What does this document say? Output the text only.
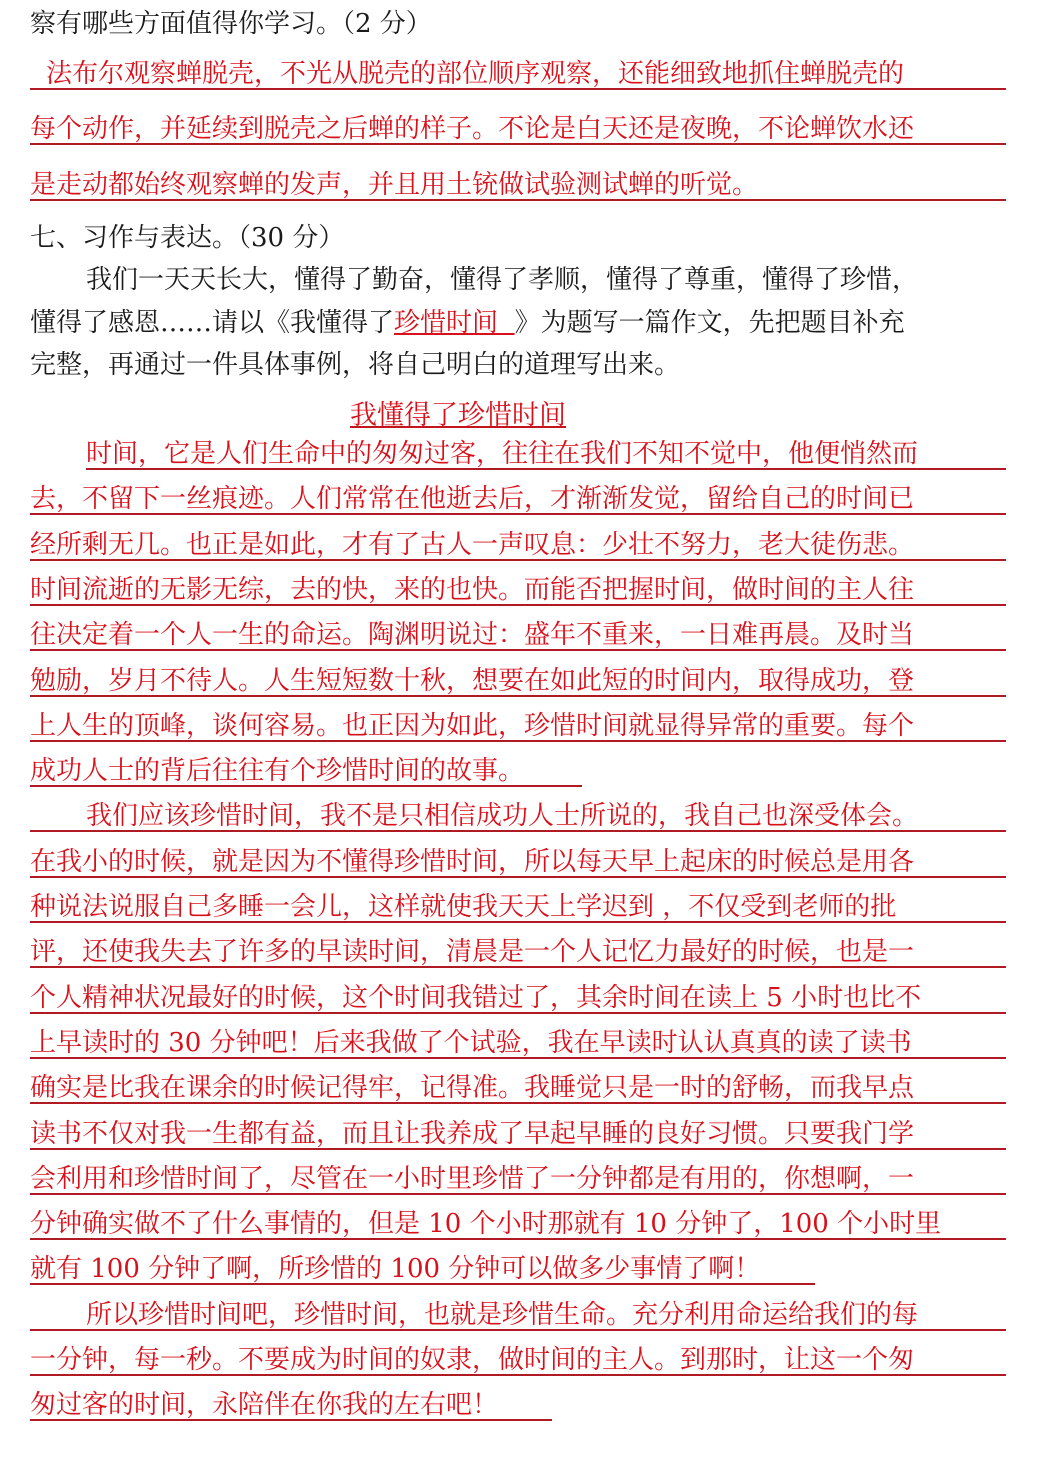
察有哪些方面值得你学习。（2 分）
法布尔观察蝉脱壳，不光从脱壳的部位顺序观察，还能细致地抓住蝉脱壳的
每个动作，并延续到脱壳之后蝉的样子。不论是白天还是夜晚，不论蝉饮水还
是走动都始终观察蝉的发声，并且用土铳做试验测试蝉的听觉。
七、习作与表达。（30 分）
我们一天天长大，懂得了勤奋，懂得了孝顺，懂得了尊重，懂得了珍惜，
懂得了感恩……请以《我懂得了珍惜时间 》为题写一篇作文，先把题目补充
完整，再通过一件具体事例，将自己明白的道理写出来。
我懂得了珍惜时间
时间，它是人们生命中的匆匆过客，往往在我们不知不觉中，他便悄然而
去，不留下一丝痕迹。人们常常在他逝去后，才渐渐发觉，留给自己的时间已
经所剩无几。也正是如此，才有了古人一声叹息：少壮不努力，老大徒伤悲。
时间流逝的无影无综，去的快，来的也快。而能否把握时间，做时间的主人往
往决定着一个人一生的命运。陶渊明说过：盛年不重来，一日难再晨。及时当
勉励，岁月不待人。人生短短数十秋，想要在如此短的时间内，取得成功，登
上人生的顶峰，谈何容易。也正因为如此，珍惜时间就显得异常的重要。每个
成功人士的背后往往有个珍惜时间的故事。
我们应该珍惜时间，我不是只相信成功人士所说的，我自己也深受体会。
在我小的时候，就是因为不懂得珍惜时间，所以每天早上起床的时候总是用各
种说法说服自己多睡一会儿，这样就使我天天上学迟到 ，不仅受到老师的批
评，还使我失去了许多的早读时间，清晨是一个人记忆力最好的时候，也是一
个人精神状况最好的时候，这个时间我错过了，其余时间在读上 5 小时也比不
上早读时的 30 分钟吧！后来我做了个试验，我在早读时认认真真的读了读书
确实是比我在课余的时候记得牢，记得准。我睡觉只是一时的舒畅，而我早点
读书不仅对我一生都有益，而且让我养成了早起早睡的良好习惯。只要我门学
会利用和珍惜时间了，尽管在一小时里珍惜了一分钟都是有用的，你想啊，一
分钟确实做不了什么事情的，但是 10 个小时那就有 10 分钟了，100 个小时里
就有 100 分钟了啊，所珍惜的 100 分钟可以做多少事情了啊！
所以珍惜时间吧，珍惜时间，也就是珍惜生命。充分利用命运给我们的每
一分钟，每一秒。不要成为时间的奴隶，做时间的主人。到那时，让这一个匆
匆过客的时间，永陪伴在你我的左右吧！
